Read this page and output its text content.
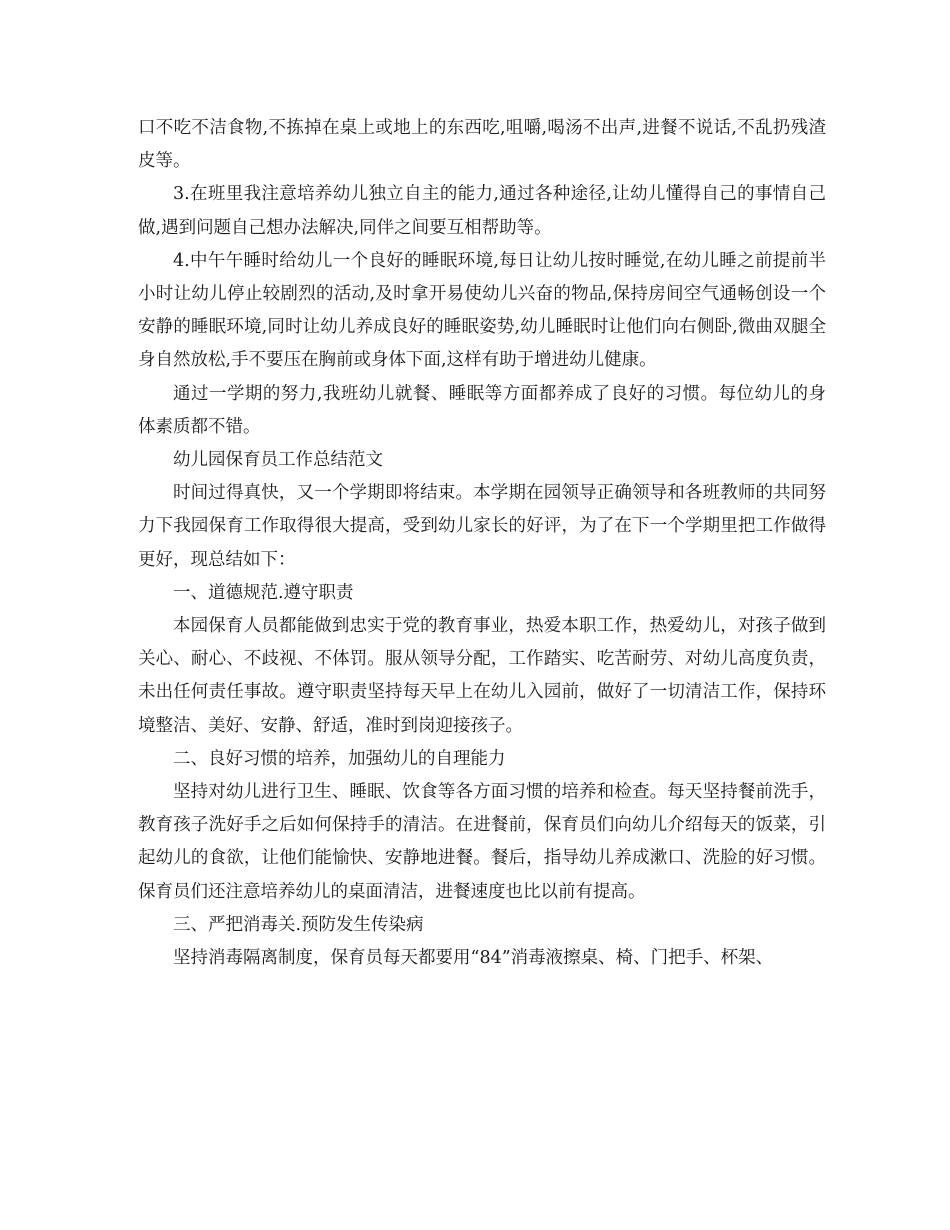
口不吃不洁食物,不拣掉在桌上或地上的东西吃,咀嚼,喝汤不出声,进餐不说话,不乱扔残渣皮等。

3.在班里我注意培养幼儿独立自主的能力,通过各种途径,让幼儿懂得自己的事情自己做,遇到问题自己想办法解决,同伴之间要互相帮助等。

4.中午午睡时给幼儿一个良好的睡眠环境,每日让幼儿按时睡觉,在幼儿睡之前提前半小时让幼儿停止较剧烈的活动,及时拿开易使幼儿兴奋的物品,保持房间空气通畅创设一个安静的睡眠环境,同时让幼儿养成良好的睡眠姿势,幼儿睡眠时让他们向右侧卧,微曲双腿全身自然放松,手不要压在胸前或身体下面,这样有助于增进幼儿健康。

通过一学期的努力,我班幼儿就餐、睡眠等方面都养成了良好的习惯。每位幼儿的身体素质都不错。

幼儿园保育员工作总结范文

时间过得真快，又一个学期即将结束。本学期在园领导正确领导和各班教师的共同努力下我园保育工作取得很大提高，受到幼儿家长的好评，为了在下一个学期里把工作做得更好，现总结如下：

一、道德规范.遵守职责

本园保育人员都能做到忠实于党的教育事业，热爱本职工作，热爱幼儿，对孩子做到关心、耐心、不歧视、不体罚。服从领导分配，工作踏实、吃苦耐劳、对幼儿高度负责，未出任何责任事故。遵守职责坚持每天早上在幼儿入园前，做好了一切清洁工作，保持环境整洁、美好、安静、舒适，准时到岗迎接孩子。

二、良好习惯的培养，加强幼儿的自理能力

坚持对幼儿进行卫生、睡眠、饮食等各方面习惯的培养和检查。每天坚持餐前洗手，教育孩子洗好手之后如何保持手的清洁。在进餐前，保育员们向幼儿介绍每天的饭菜，引起幼儿的食欲，让他们能愉快、安静地进餐。餐后，指导幼儿养成漱口、洗脸的好习惯。保育员们还注意培养幼儿的桌面清洁，进餐速度也比以前有提高。

三、严把消毒关.预防发生传染病

坚持消毒隔离制度，保育员每天都要用“84”消毒液擦桌、椅、门把手、杯架、
